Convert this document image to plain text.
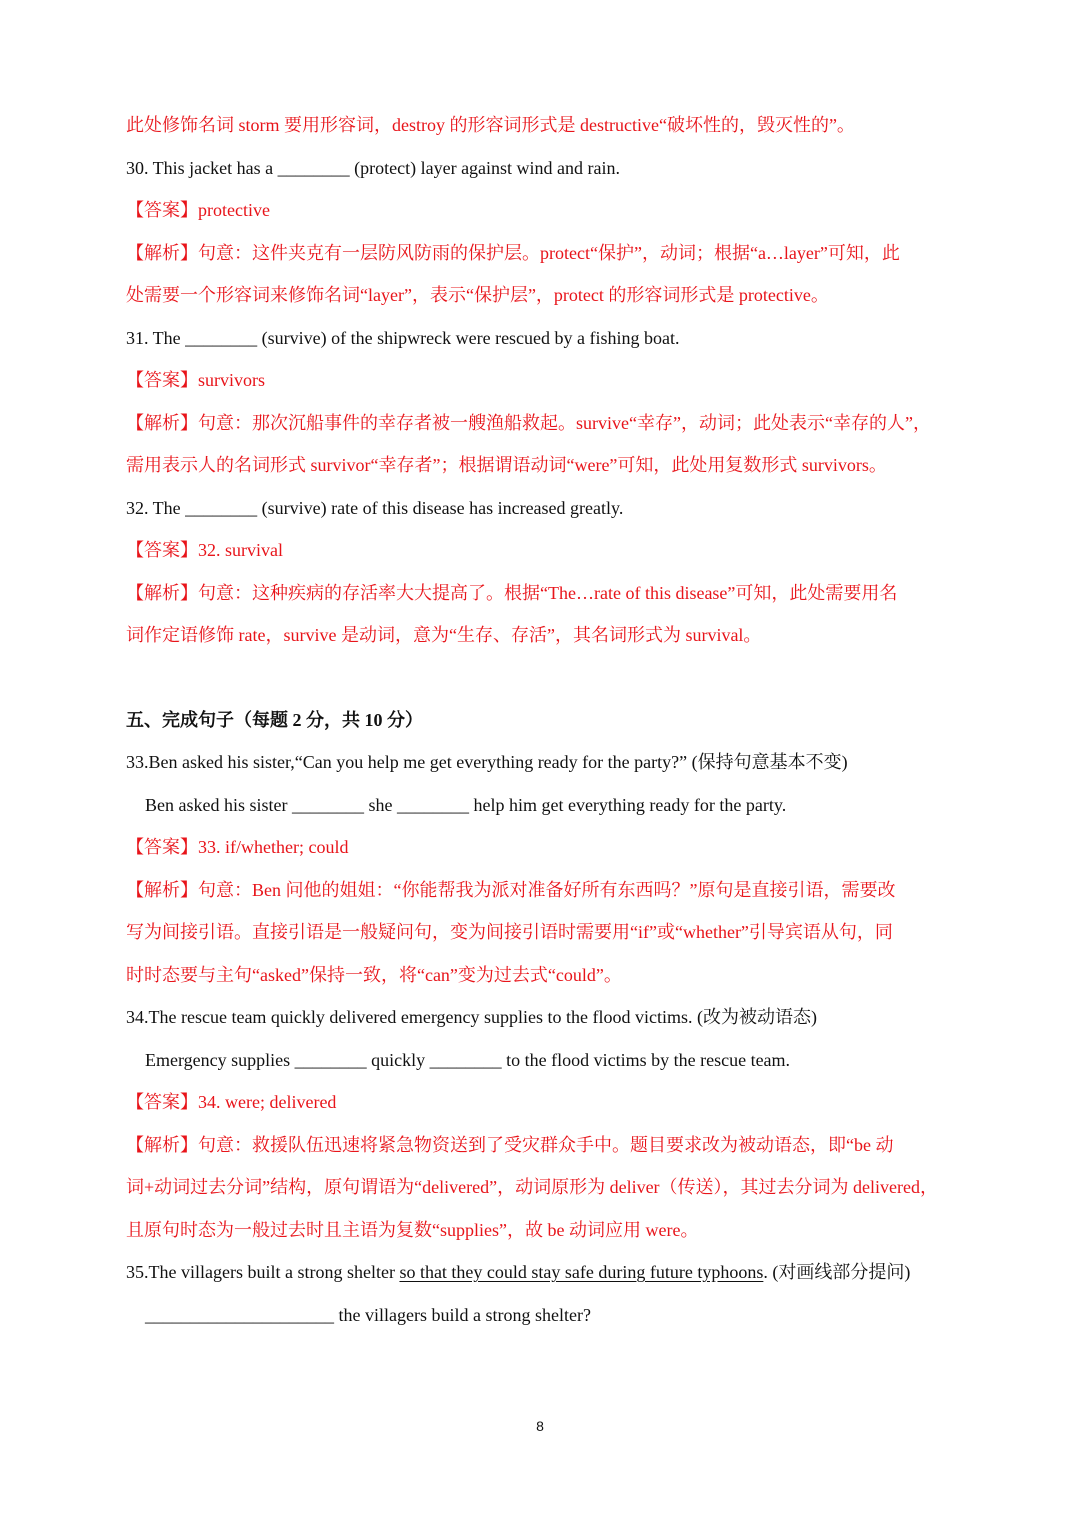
此处修饰名词 storm 要用形容词，destroy 的形容词形式是 destructive“破坏性的，毁灭性的”。
30. This jacket has a ________ (protect) layer against wind and rain.
【答案】protective
【解析】句意：这件夹克有一层防风防雨的保护层。protect“保护”，动词；根据“a…layer”可知，此
处需要一个形容词来修饰名词“layer”，表示“保护层”，protect 的形容词形式是 protective。
31. The ________ (survive) of the shipwreck were rescued by a fishing boat.
【答案】survivors
【解析】句意：那次沉船事件的幸存者被一艘渔船救起。survive“幸存”，动词；此处表示“幸存的人”，
需用表示人的名词形式 survivor“幸存者”；根据谓语动词“were”可知，此处用复数形式 survivors。
32. The ________ (survive) rate of this disease has increased greatly.
【答案】32. survival
【解析】句意：这种疾病的存活率大大提高了。根据“The…rate of this disease”可知，此处需要用名
词作定语修饰 rate，survive 是动词，意为“生存、存活”，其名词形式为 survival。
五、完成句子（每题 2 分，共 10 分）
33.Ben asked his sister,“Can you help me get everything ready for the party?” (保持句意基本不变)
Ben asked his sister ________ she ________ help him get everything ready for the party.
【答案】33. if/whether; could
【解析】句意：Ben 问他的姐姐：“你能帮我为派对准备好所有东西吗？”原句是直接引语，需要改
写为间接引语。直接引语是一般疑问句，变为间接引语时需要用“if”或“whether”引导宾语从句，同
时时态要与主句“asked”保持一致，将“can”变为过去式“could”。
34.The rescue team quickly delivered emergency supplies to the flood victims. (改为被动语态)
Emergency supplies ________ quickly ________ to the flood victims by the rescue team.
【答案】34. were; delivered
【解析】句意：救援队伍迅速将紧急物资送到了受灾群众手中。题目要求改为被动语态，即“be 动
词+动词过去分词”结构，原句谓语为“delivered”，动词原形为 deliver（传送），其过去分词为 delivered，
且原句时态为一般过去时且主语为复数“supplies”，故 be 动词应用 were。
35.The villagers built a strong shelter so that they could stay safe during future typhoons. (对画线部分提问)
_____________________ the villagers build a strong shelter?
8
